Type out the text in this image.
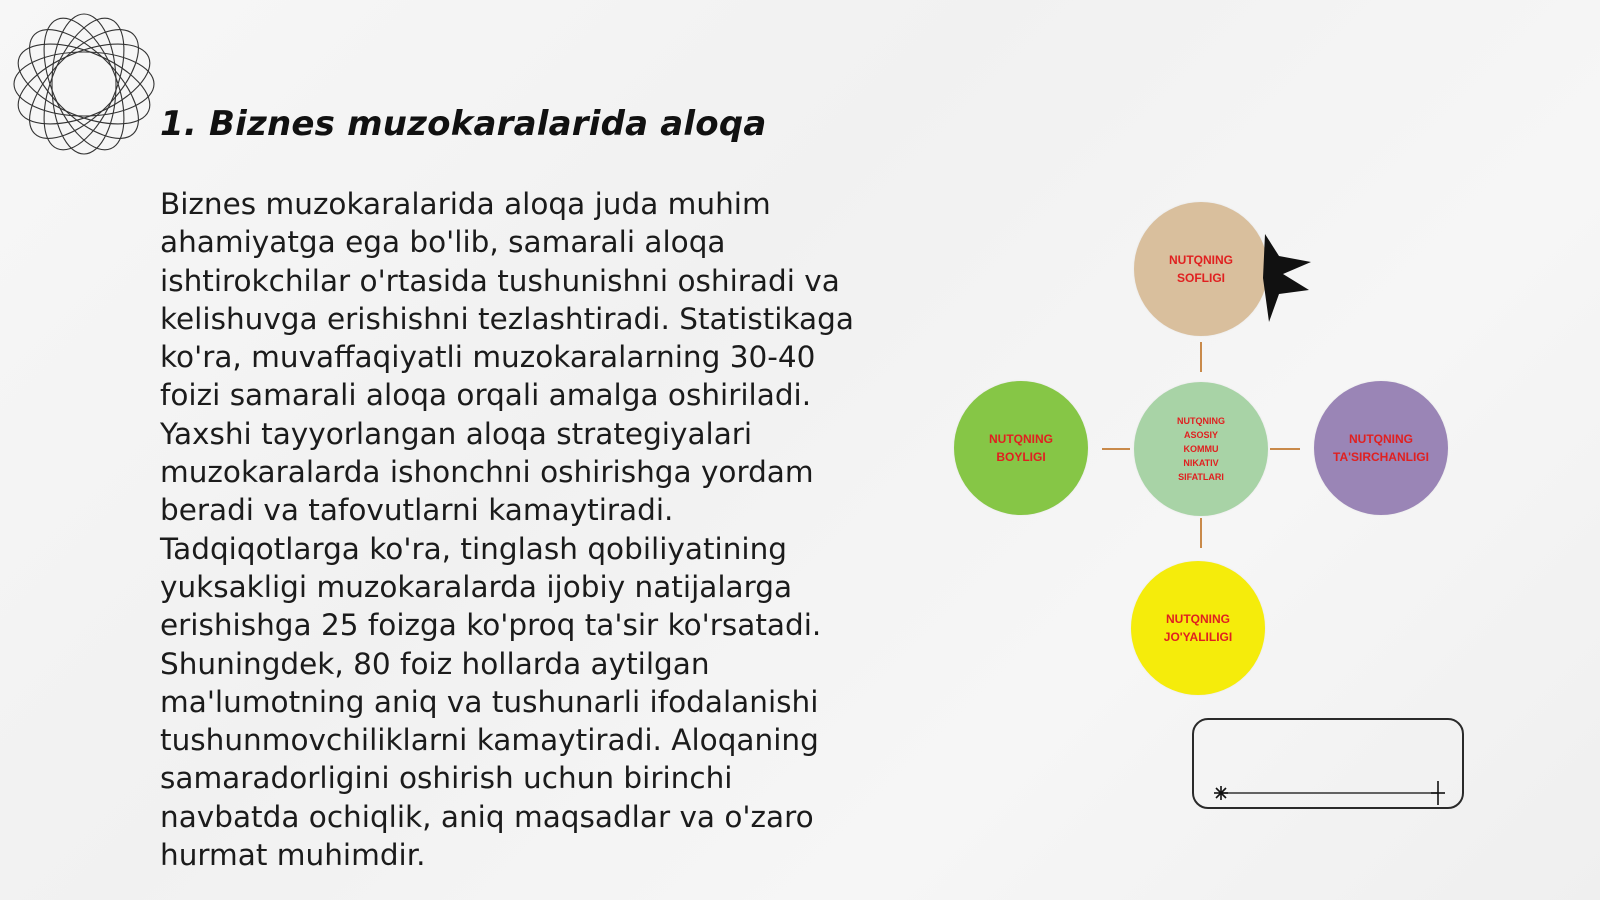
1. Biznes muzokaralarida aloqa

Biznes muzokaralarida aloqa juda muhim ahamiyatga ega bo'lib, samarali aloqa ishtirokchilar o'rtasida tushunishni oshiradi va kelishuvga erishishni tezlashtiradi. Statistikaga ko'ra, muvaffaqiyatli muzokaralarning 30-40 foizi samarali aloqa orqali amalga oshiriladi. Yaxshi tayyorlangan aloqa strategiyalari muzokaralarda ishonchni oshirishga yordam beradi va tafovutlarni kamaytiradi. Tadqiqotlarga ko'ra, tinglash qobiliyatining yuksakligi muzokaralarda ijobiy natijalarga erishishga 25 foizga ko'proq ta'sir ko'rsatadi. Shuningdek, 80 foiz hollarda aytilgan ma'lumotning aniq va tushunarli ifodalanishi tushunmovchiliklarni kamaytiradi. Aloqaning samaradorligini oshirish uchun birinchi navbatda ochiqlik, aniq maqsadlar va o'zaro hurmat muhimdir.

NUTQNING
SOFLIGI
NUTQNING
ASOSIY
KOMMU
NIKATIV
SIFATLARI
NUTQNING
BOYLIGI
NUTQNING
TA'SIRCHANLIGI
NUTQNING
JO'YALILIGI
